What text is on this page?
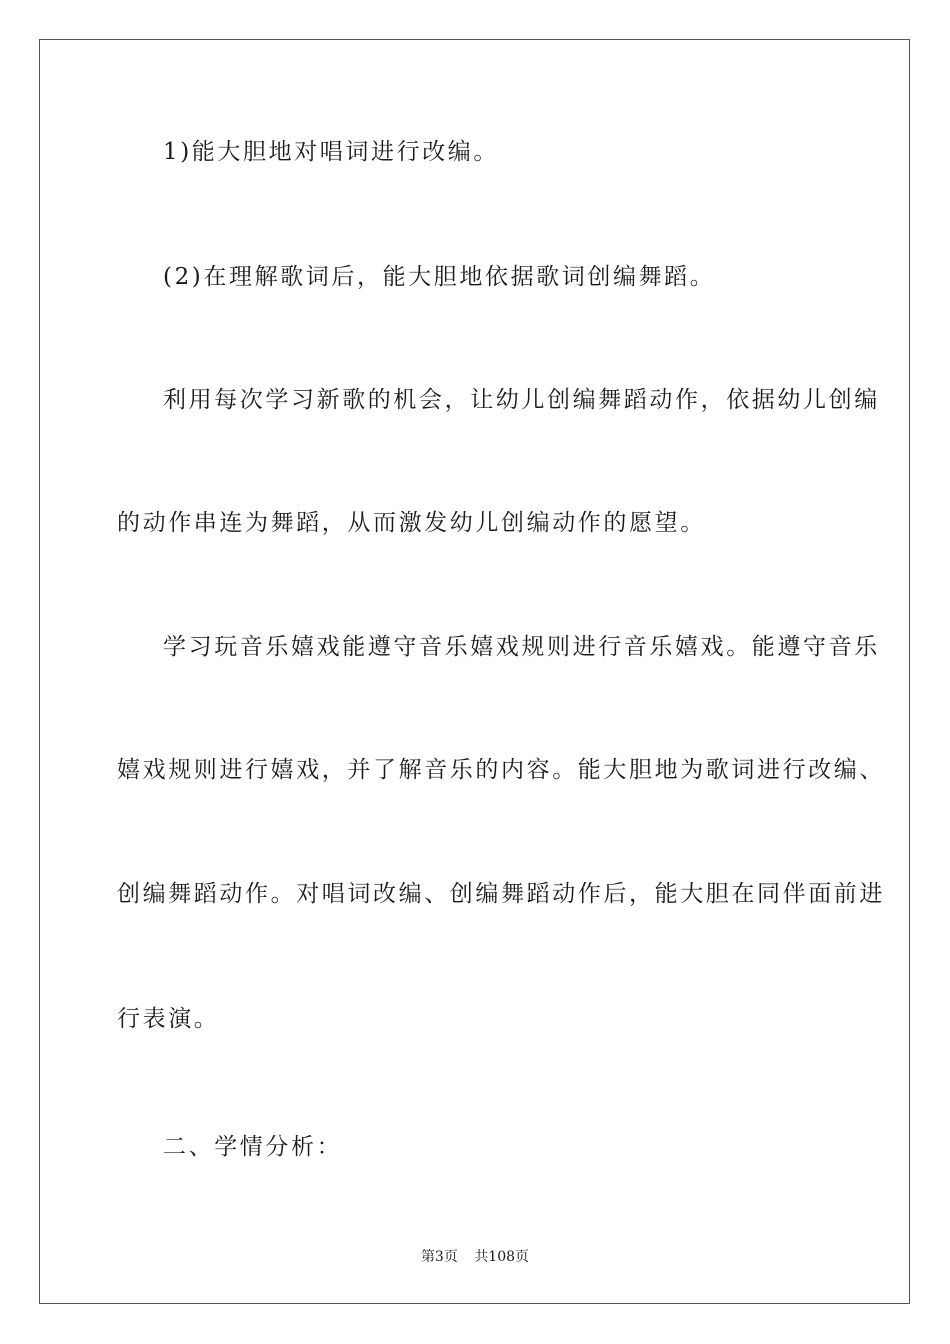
1)能大胆地对唱词进行改编。
(2)在理解歌词后，能大胆地依据歌词创编舞蹈。
利用每次学习新歌的机会，让幼儿创编舞蹈动作，依据幼儿创编
的动作串连为舞蹈，从而激发幼儿创编动作的愿望。
学习玩音乐嬉戏能遵守音乐嬉戏规则进行音乐嬉戏。能遵守音乐
嬉戏规则进行嬉戏，并了解音乐的内容。能大胆地为歌词进行改编、
创编舞蹈动作。对唱词改编、创编舞蹈动作后，能大胆在同伴面前进
行表演。
二、学情分析：
第3页 共108页
